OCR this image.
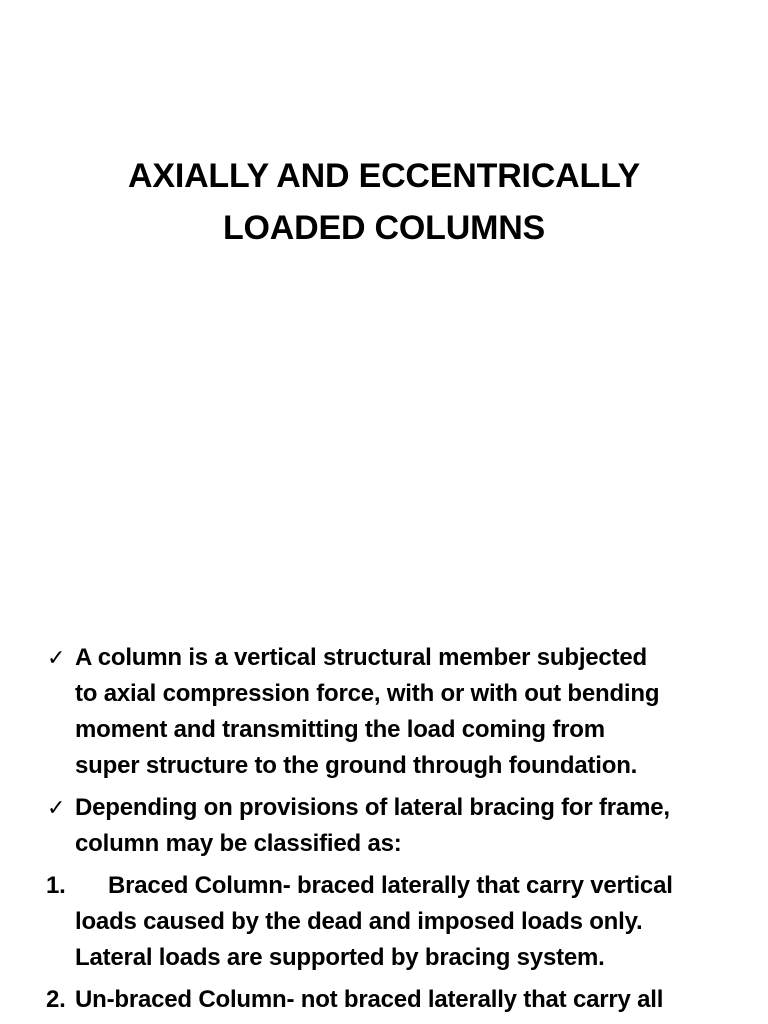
AXIALLY AND ECCENTRICALLY
LOADED COLUMNS
✓ A column is a vertical structural member subjected
to axial compression force, with or with out bending
moment and transmitting the load coming from
super structure to the ground through foundation.
✓ Depending on provisions of lateral bracing for frame,
column may be classified as:
1. Braced Column- braced laterally that carry vertical
loads caused by the dead and imposed loads only.
Lateral loads are supported by bracing system.
2. Un-braced Column- not braced laterally that carry all
